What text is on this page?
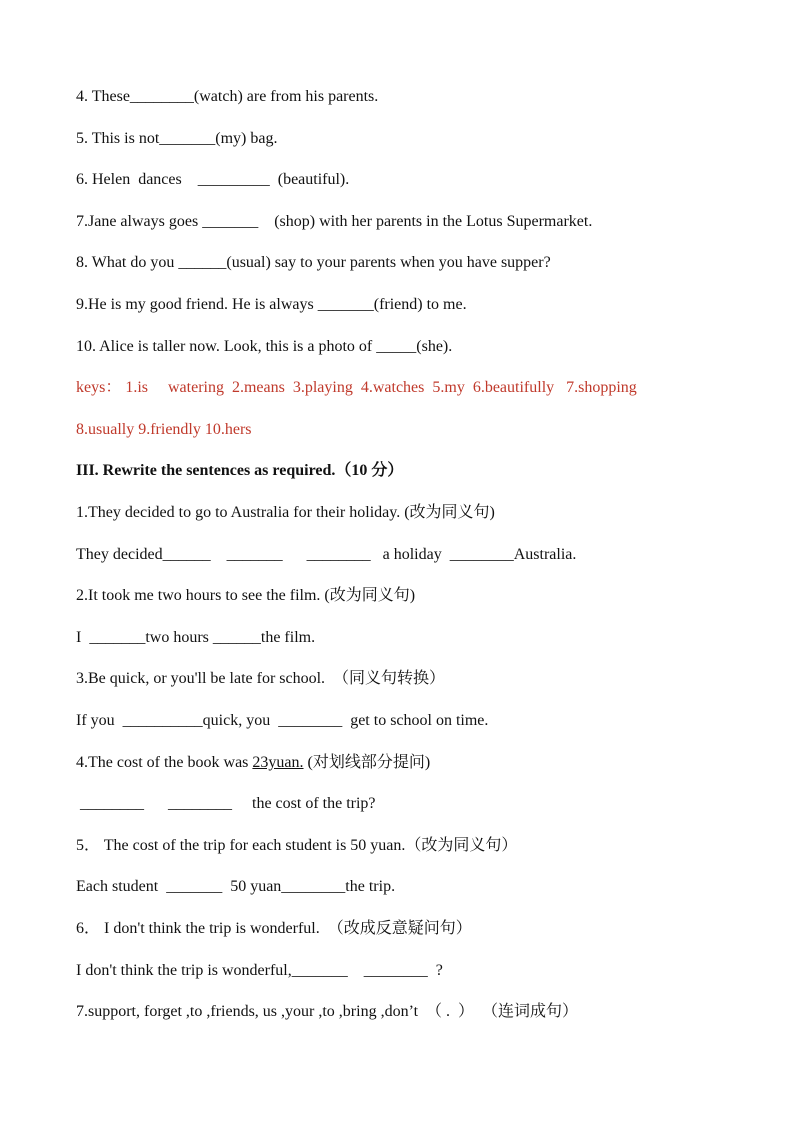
4. These________(watch) are from his parents.
5. This is not_______(my) bag.
6. Helen  dances    _________  (beautiful).
7.Jane always goes _______    (shop) with her parents in the Lotus Supermarket.
8. What do you ______(usual) say to your parents when you have supper?
9.He is my good friend. He is always _______(friend) to me.
10. Alice is taller now. Look, this is a photo of _____(she).
keys： 1.is     watering  2.means  3.playing  4.watches  5.my  6.beautifully   7.shopping
8.usually 9.friendly 10.hers
III. Rewrite the sentences as required.（10 分）
1.They decided to go to Australia for their holiday. (改为同义句)
They decided______    _______      ________   a holiday  ________Australia.
2.It took me two hours to see the film. (改为同义句)
I  _______two hours ______the film.
3.Be quick, or you'll be late for school.  （同义句转换）
If you  __________quick, you  ________  get to school on time.
4.The cost of the book was 23yuan. (对划线部分提问)
________      ________     the cost of the trip?
5． The cost of the trip for each student is 50 yuan.（改为同义句）
Each student  _______  50 yuan________the trip.
6． I don't think the trip is wonderful.  （改成反意疑问句）
I don't think the trip is wonderful,_______    ________  ?
7.support, forget ,to ,friends, us ,your ,to ,bring ,don’t  （ .  ）  （连词成句）
